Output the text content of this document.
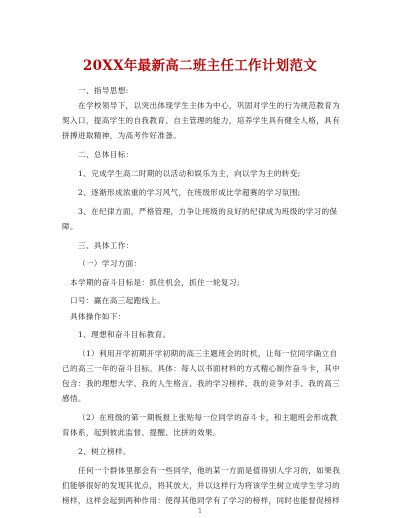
20XX年最新高二班主任工作计划范文
一、指导思想:
在学校领导下，以突出体现学生主体为中心，巩固对学生的行为规范教育为
契入口，提高学生的自我教育、自主管理的能力，培养学生具有健全人格，具有
拼搏进取精神，为高考作好准备。
二、总体目标：
1、完成学生高二时期的以活动和娱乐为主，向以学为主的转变;
2、逐渐形成浓重的学习风气，在班级形成比学超赛的学习氛围;
3、在纪律方面，严格管理，力争让班级的良好的纪律成为班级的学习的保
障。
三、具体工作：
（一）学习方面：
本学期的奋斗目标是：抓住机会，抓住一轮复习;
口号：赢在高三起跑线上。
具体操作如下：
1、理想和奋斗目标教育。
（1）利用开学初期开学初期的高三主题班会的时机，让每一位同学确立自
己的高三一年的奋斗目标。具体：每人以书面材料的方式精心制作奋斗卡，其中
包含：我的理想大学、我的人生格言、我的学习榜样、我的竞争对手、我的高三
感悟。
（2）在班级的第一期板报上张贴每一位同学的奋斗卡，和主题班会形成教
育体系，起到彼此监督、提醒、比拼的效果。
2、树立榜样。
任何一个群体里都会有一些同学，他的某一方面是值得别人学习的，如果我
们能够很好的发现其优点，将其放大，并以这样行为将该学生树立成学生学习的
榜样，这样会起到两种作用：使得其他同学有了学习的榜样，同时也能督促榜样
1
